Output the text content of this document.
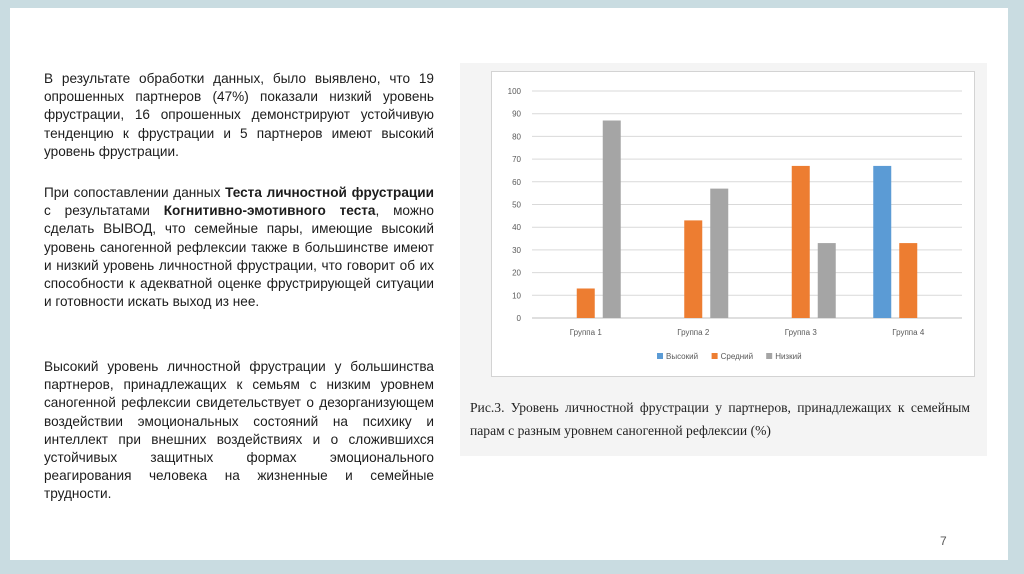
В результате обработки данных, было выявлено, что 19 опрошенных партнеров (47%) показали низкий уровень фрустрации, 16 опрошенных демонстрируют устойчивую тенденцию к фрустрации и 5 партнеров имеют высокий уровень фрустрации.

При сопоставлении данных Теста личностной фрустрации с результатами Когнитивно-эмотивного теста, можно сделать ВЫВОД, что семейные пары, имеющие высокий уровень саногенной рефлексии также в большинстве имеют и низкий уровень личностной фрустрации, что говорит об их способности к адекватной оценке фрустрирующей ситуации и готовности искать выход из нее.

Высокий уровень личностной фрустрации у большинства партнеров, принадлежащих к семьям с низким уровнем саногенной рефлексии свидетельствует о дезорганизующем воздействии эмоциональных состояний на психику и интеллект при внешних воздействиях и о сложившихся устойчивых защитных формах эмоционального реагирования человека на жизненные и семейные трудности.

0
10
20
30
40
50
60
70
80
90
100
Группа 1	Группа 2	Группа 3	Группа 4
Высокий	Средний	Низкий

Рис.3. Уровень личностной фрустрации у партнеров, принадлежащих к семейным парам с разным уровнем саногенной рефлексии (%)

7
